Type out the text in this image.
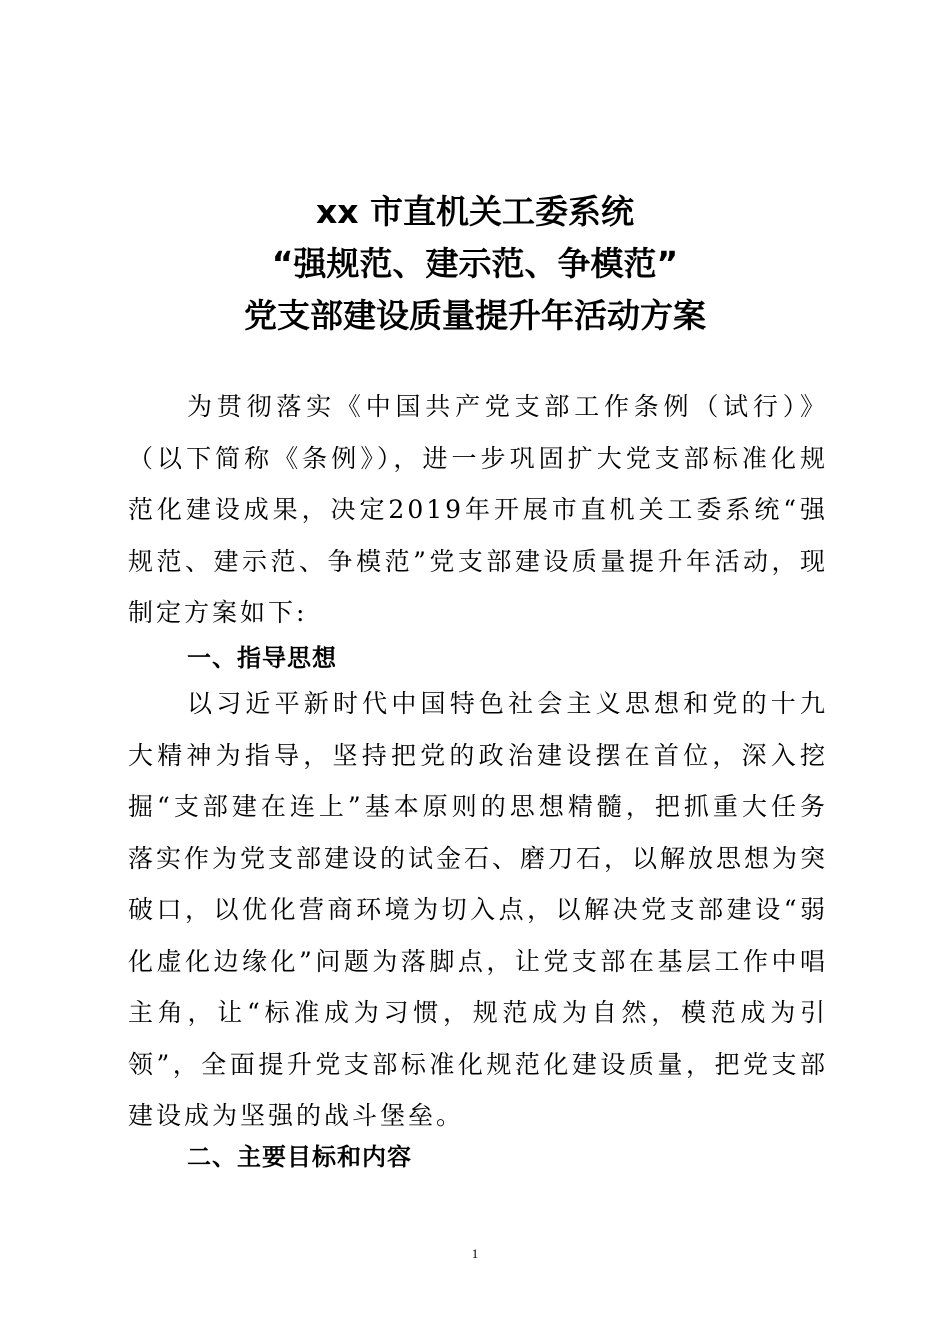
xx 市直机关工委系统
“强规范、建示范、争模范”
党支部建设质量提升年活动方案

为贯彻落实《中国共产党支部工作条例（试行）》（以下简称《条例》），进一步巩固扩大党支部标准化规范化建设成果，决定2019年开展市直机关工委系统“强规范、建示范、争模范”党支部建设质量提升年活动，现制定方案如下:

一、指导思想

以习近平新时代中国特色社会主义思想和党的十九大精神为指导，坚持把党的政治建设摆在首位，深入挖掘“支部建在连上”基本原则的思想精髓，把抓重大任务落实作为党支部建设的试金石、磨刀石，以解放思想为突破口，以优化营商环境为切入点，以解决党支部建设“弱化虚化边缘化”问题为落脚点，让党支部在基层工作中唱主角，让“标准成为习惯，规范成为自然，模范成为引领”，全面提升党支部标准化规范化建设质量，把党支部建设成为坚强的战斗堡垒。

二、主要目标和内容
1
